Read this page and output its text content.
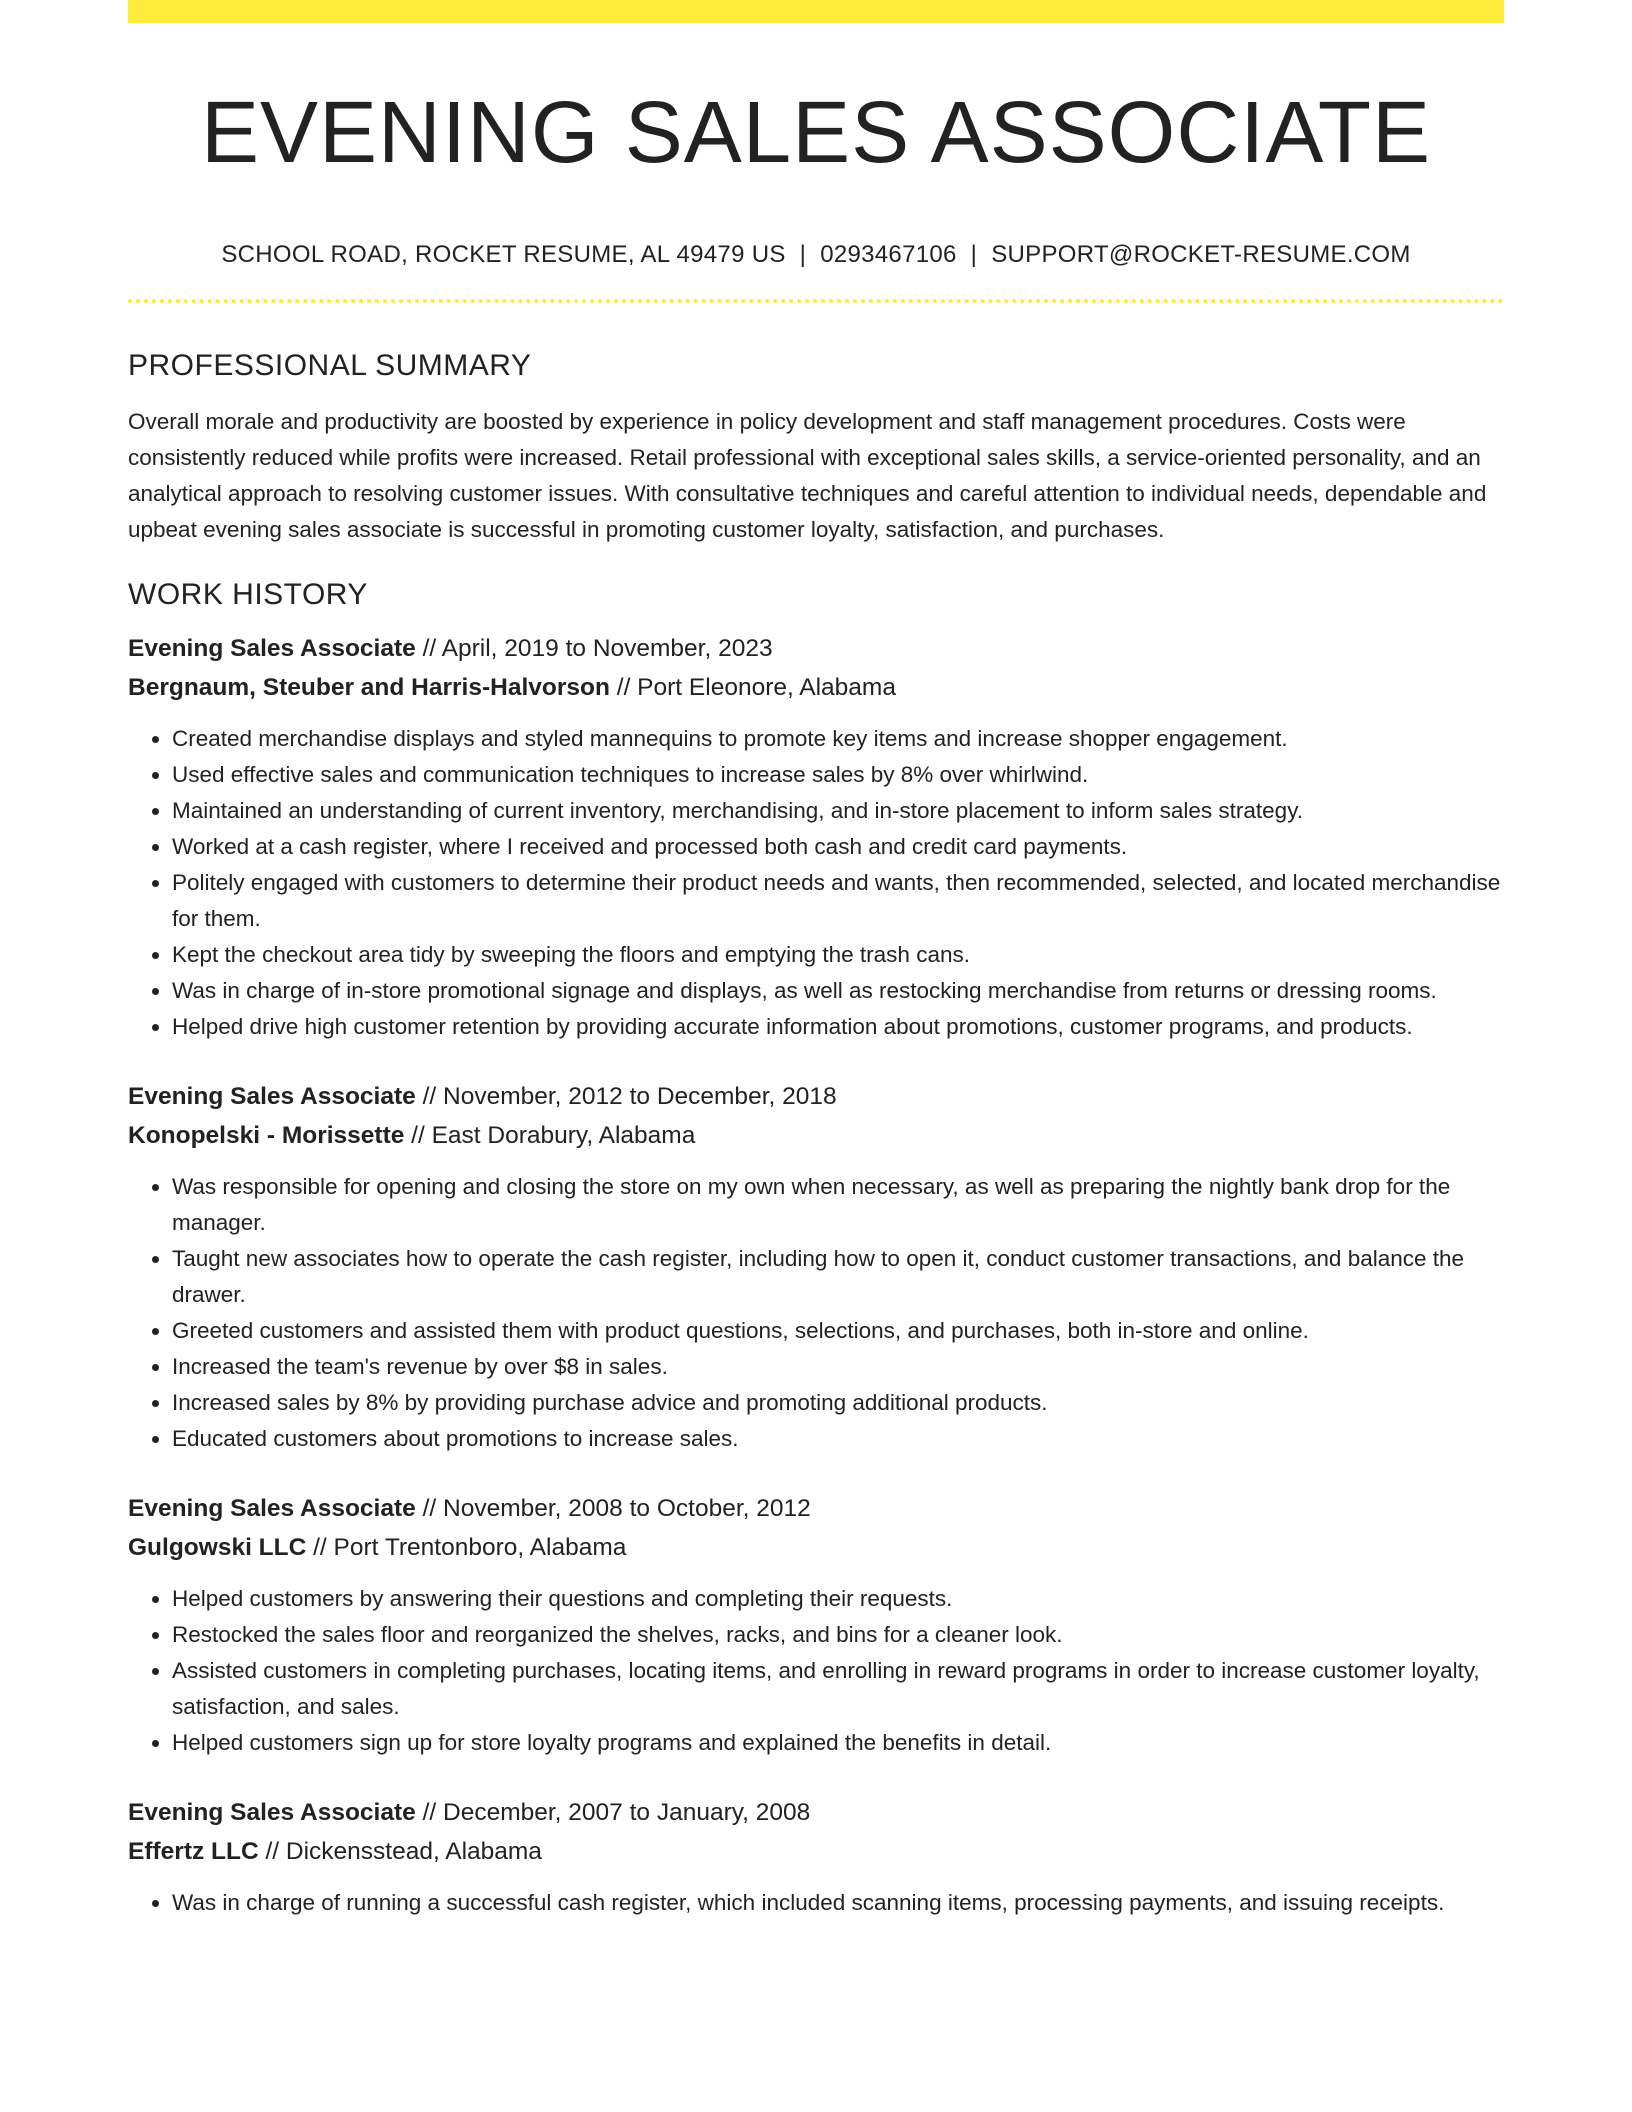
EVENING SALES ASSOCIATE
SCHOOL ROAD, ROCKET RESUME, AL 49479 US | 0293467106 | SUPPORT@ROCKET-RESUME.COM
PROFESSIONAL SUMMARY
Overall morale and productivity are boosted by experience in policy development and staff management procedures. Costs were consistently reduced while profits were increased. Retail professional with exceptional sales skills, a service-oriented personality, and an analytical approach to resolving customer issues. With consultative techniques and careful attention to individual needs, dependable and upbeat evening sales associate is successful in promoting customer loyalty, satisfaction, and purchases.
WORK HISTORY
Evening Sales Associate // April, 2019 to November, 2023
Bergnaum, Steuber and Harris-Halvorson // Port Eleonore, Alabama
• Created merchandise displays and styled mannequins to promote key items and increase shopper engagement.
• Used effective sales and communication techniques to increase sales by 8% over whirlwind.
• Maintained an understanding of current inventory, merchandising, and in-store placement to inform sales strategy.
• Worked at a cash register, where I received and processed both cash and credit card payments.
• Politely engaged with customers to determine their product needs and wants, then recommended, selected, and located merchandise for them.
• Kept the checkout area tidy by sweeping the floors and emptying the trash cans.
• Was in charge of in-store promotional signage and displays, as well as restocking merchandise from returns or dressing rooms.
• Helped drive high customer retention by providing accurate information about promotions, customer programs, and products.
Evening Sales Associate // November, 2012 to December, 2018
Konopelski - Morissette // East Dorabury, Alabama
• Was responsible for opening and closing the store on my own when necessary, as well as preparing the nightly bank drop for the manager.
• Taught new associates how to operate the cash register, including how to open it, conduct customer transactions, and balance the drawer.
• Greeted customers and assisted them with product questions, selections, and purchases, both in-store and online.
• Increased the team's revenue by over $8 in sales.
• Increased sales by 8% by providing purchase advice and promoting additional products.
• Educated customers about promotions to increase sales.
Evening Sales Associate // November, 2008 to October, 2012
Gulgowski LLC // Port Trentonboro, Alabama
• Helped customers by answering their questions and completing their requests.
• Restocked the sales floor and reorganized the shelves, racks, and bins for a cleaner look.
• Assisted customers in completing purchases, locating items, and enrolling in reward programs in order to increase customer loyalty, satisfaction, and sales.
• Helped customers sign up for store loyalty programs and explained the benefits in detail.
Evening Sales Associate // December, 2007 to January, 2008
Effertz LLC // Dickensstead, Alabama
• Was in charge of running a successful cash register, which included scanning items, processing payments, and issuing receipts.
